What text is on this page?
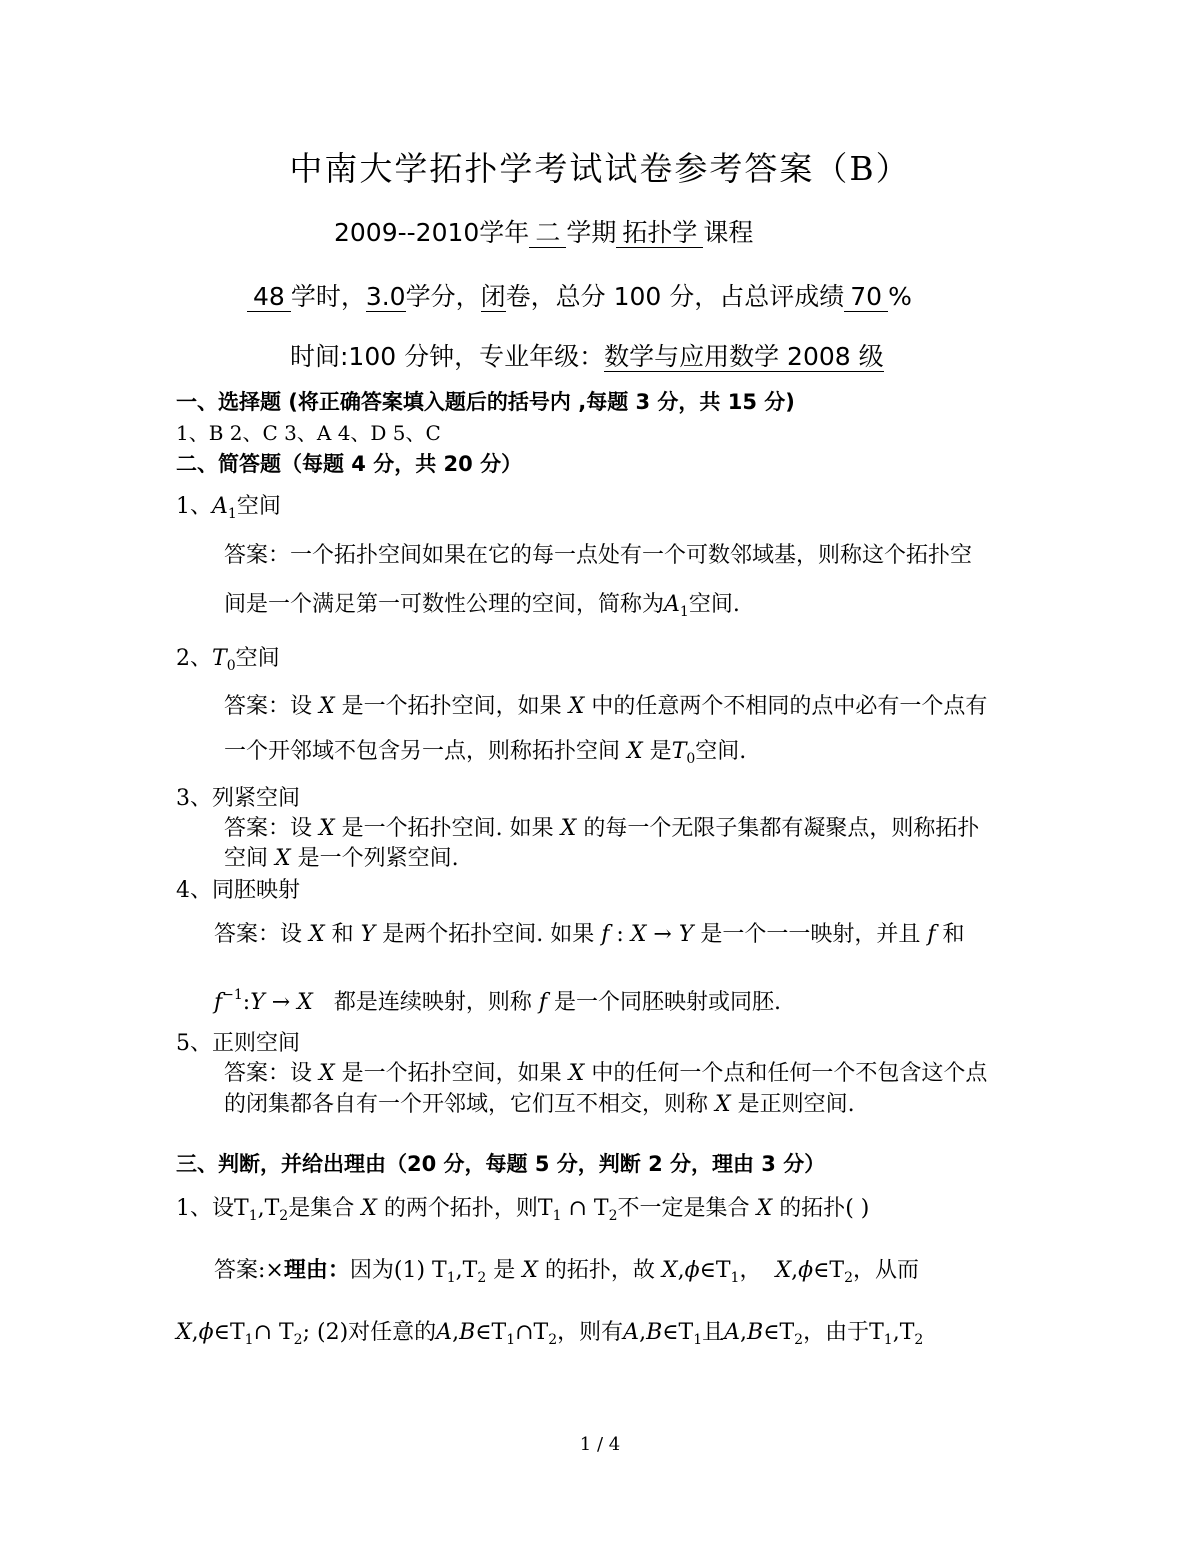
中南大学拓扑学考试试卷参考答案（B）
2009--2010学年 二 学期 拓扑学 课程
48 学时，3.0学分，闭卷，总分 100 分，占总评成绩 70 %
时间:100 分钟，专业年级：数学与应用数学 2008 级
一、选择题 (将正确答案填入题后的括号内 ,每题 3 分，共 15 分)
1、B 2、C 3、A 4、D 5、C
二、简答题（每题 4 分，共 20 分）
1、$A_1$空间
答案：一个拓扑空间如果在它的每一点处有一个可数邻域基，则称这个拓扑空
间是一个满足第一可数性公理的空间，简称为$A_1$空间.
2、$T_0$空间
答案：设 X 是一个拓扑空间，如果 X 中的任意两个不相同的点中必有一个点有
一个开邻域不包含另一点，则称拓扑空间 X 是$T_0$空间.
3、列紧空间
答案：设 X 是一个拓扑空间. 如果 X 的每一个无限子集都有凝聚点，则称拓扑
空间 X 是一个列紧空间.
4、同胚映射
答案：设 X 和 Y 是两个拓扑空间. 如果 f : X → Y 是一个一一映射，并且 f 和
$f^{-1}:Y \to X$ 都是连续映射，则称 f 是一个同胚映射或同胚.
5、正则空间
答案：设 X 是一个拓扑空间，如果 X 中的任何一个点和任何一个不包含这个点
的闭集都各自有一个开邻域，它们互不相交，则称 X 是正则空间.
三、判断，并给出理由（20 分，每题 5 分，判断 2 分，理由 3 分）
1、设$T_1,T_2$是集合 X 的两个拓扑，则$T_1$ ∩ $T_2$不一定是集合 X 的拓扑( )
答案:×理由：因为(1) $T_1,T_2$ 是 X 的拓扑，故 $X,\phi\in T_1$，  $X,\phi\in T_2$，从而
$X,\phi\in T_1\cap$ $T_2$; (2)对任意的$A,B\in T_1\cap T_2$，则有$A,B\in T_1$且$A,B\in T_2$，由于$T_1,T_2$
1 / 4
